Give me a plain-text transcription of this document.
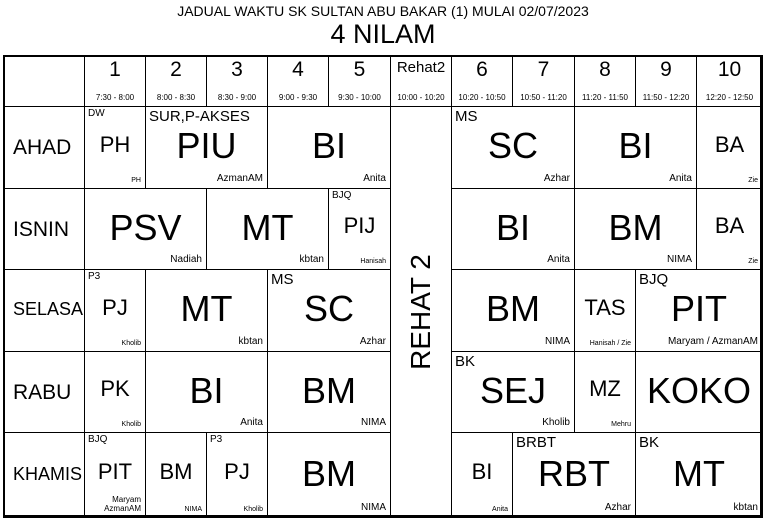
JADUAL WAKTU SK SULTAN ABU BAKAR (1) MULAI 02/07/2023
4 NILAM
1
7:30 - 8:00
2
8:00 - 8:30
3
8:30 - 9:00
4
9:00 - 9:30
5
9:30 - 10:00
Rehat2
10:00 - 10:20
6
10:20 - 10:50
7
10:50 - 11:20
8
11:20 - 11:50
9
11:50 - 12:20
10
12:20 - 12:50
AHAD
ISNIN
SELASA
RABU
KHAMIS
REHAT 2
PH
DW
PH
PIU
SUR,P-AKSES
AzmanAM
BI
Anita
SC
MS
Azhar
BI
Anita
BA
Zie
PSV
Nadiah
MT
kbtan
PIJ
BJQ
Hanisah
BI
Anita
BM
NIMA
BA
Zie
PJ
P3
Kholib
MT
kbtan
SC
MS
Azhar
BM
NIMA
TAS
Hanisah / Zie
PIT
BJQ
Maryam / AzmanAM
PK
Kholib
BI
Anita
BM
NIMA
SEJ
BK
Kholib
MZ
Mehru
KOKO
PIT
BJQ
Maryam
AzmanAM
BM
NIMA
PJ
P3
Kholib
BM
NIMA
BI
Anita
RBT
BRBT
Azhar
MT
BK
kbtan
